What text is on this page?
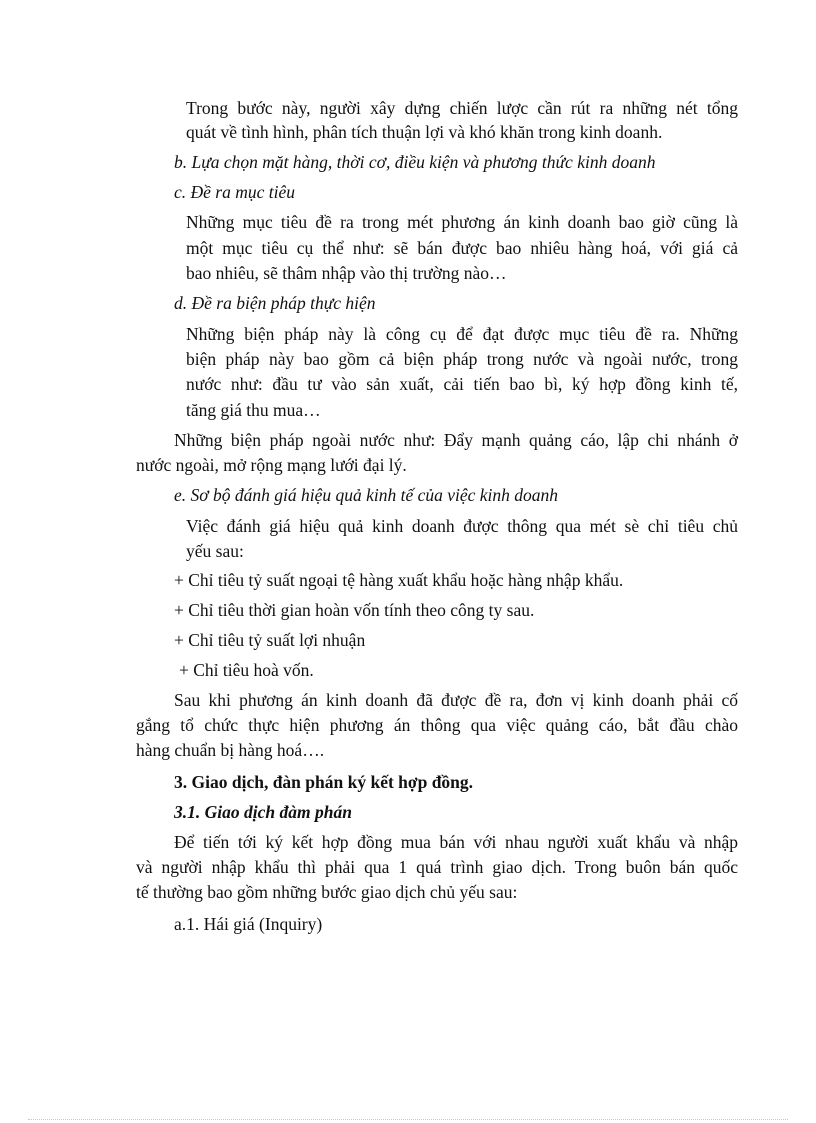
Trong bước này, người xây dựng chiến lược cần rút ra những nét tổng
quát về tình hình, phân tích thuận lợi và khó khăn trong kinh doanh.
b. Lựa chọn mặt hàng, thời cơ, điều kiện và phương thức kinh doanh
c. Đề ra mục tiêu
Những mục tiêu đề ra trong mét phương án kinh doanh bao giờ cũng là
một mục tiêu cụ thể như: sẽ bán được bao nhiêu hàng hoá, với giá cả
bao nhiêu, sẽ thâm nhập vào thị trường nào…
d. Đề ra biện pháp thực hiện
Những biện pháp này là công cụ để đạt được mục tiêu đề ra. Những
biện pháp này bao gồm cả biện pháp trong nước và ngoài nước, trong
nước như: đầu tư vào sản xuất, cải tiến bao bì, ký hợp đồng kinh tế,
tăng giá thu mua…
Những biện pháp ngoài nước như: Đẩy mạnh quảng cáo, lập chi nhánh ở
nước ngoài, mở rộng mạng lưới đại lý.
e. Sơ bộ đánh giá hiệu quả kinh tế của việc kinh doanh
Việc đánh giá hiệu quả kinh doanh được thông qua mét sè chỉ tiêu chủ
yếu sau:
+ Chỉ tiêu tỷ suất ngoại tệ hàng xuất khẩu hoặc hàng nhập khẩu.
+ Chỉ tiêu thời gian hoàn vốn tính theo công ty sau.
+ Chỉ tiêu tỷ suất lợi nhuận
+ Chỉ tiêu hoà vốn.
Sau khi phương án kinh doanh đã được đề ra, đơn vị kinh doanh phải cố
gắng tổ chức thực hiện phương án thông qua việc quảng cáo, bắt đầu chào
hàng chuẩn bị hàng hoá….
3. Giao dịch, đàn phán ký kết hợp đồng.
3.1. Giao dịch đàm phán
Để tiến tới ký kết hợp đồng mua bán với nhau người xuất khẩu và nhập
và người nhập khẩu thì phải qua 1 quá trình giao dịch. Trong buôn bán quốc
tế thường bao gồm những bước giao dịch chủ yếu sau:
a.1. Hái giá (Inquiry)
